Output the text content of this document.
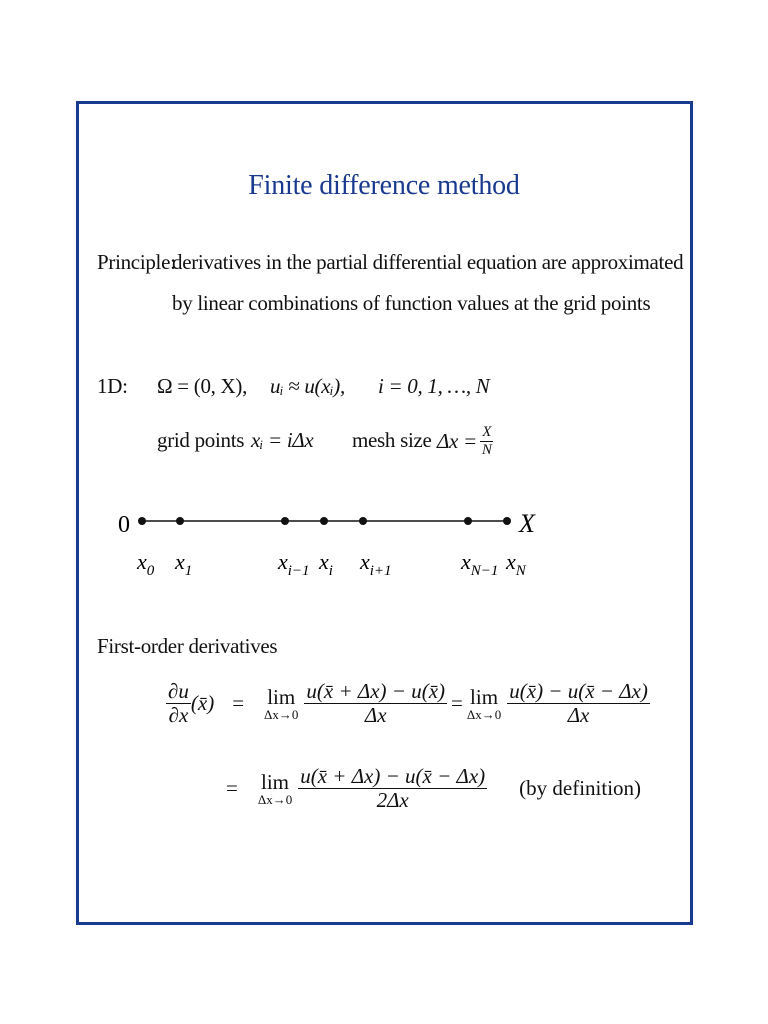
Finite difference method
Principle:
derivatives in the partial differential equation are approximated
by linear combinations of function values at the grid points
1D: Ω = (0, X), uᵢ ≈ u(xᵢ), i = 0, 1, …, N
grid points xᵢ = iΔx mesh size $\Delta x = \frac{X}{N}$
0	X
$x_0$ $x_1$	$x_{i-1}$ $x_i$ $x_{i+1}$	$x_{N-1}$ $x_N$
First-order derivatives
$\frac{\partial u}{\partial x}$ (x̄) = lim
$\Delta x\to 0 \frac{u(x̄ + \Delta x) - u(x̄)}{\Delta x} = \lim$
$\Delta x\to 0 \frac{u(x̄) - u(x̄ - \Delta x)}{\Delta x}$
= lim
$\Delta x\to 0 \frac{u(x̄ + \Delta x) - u(x̄ - \Delta x)}{2\Delta x} (by$ definition)
